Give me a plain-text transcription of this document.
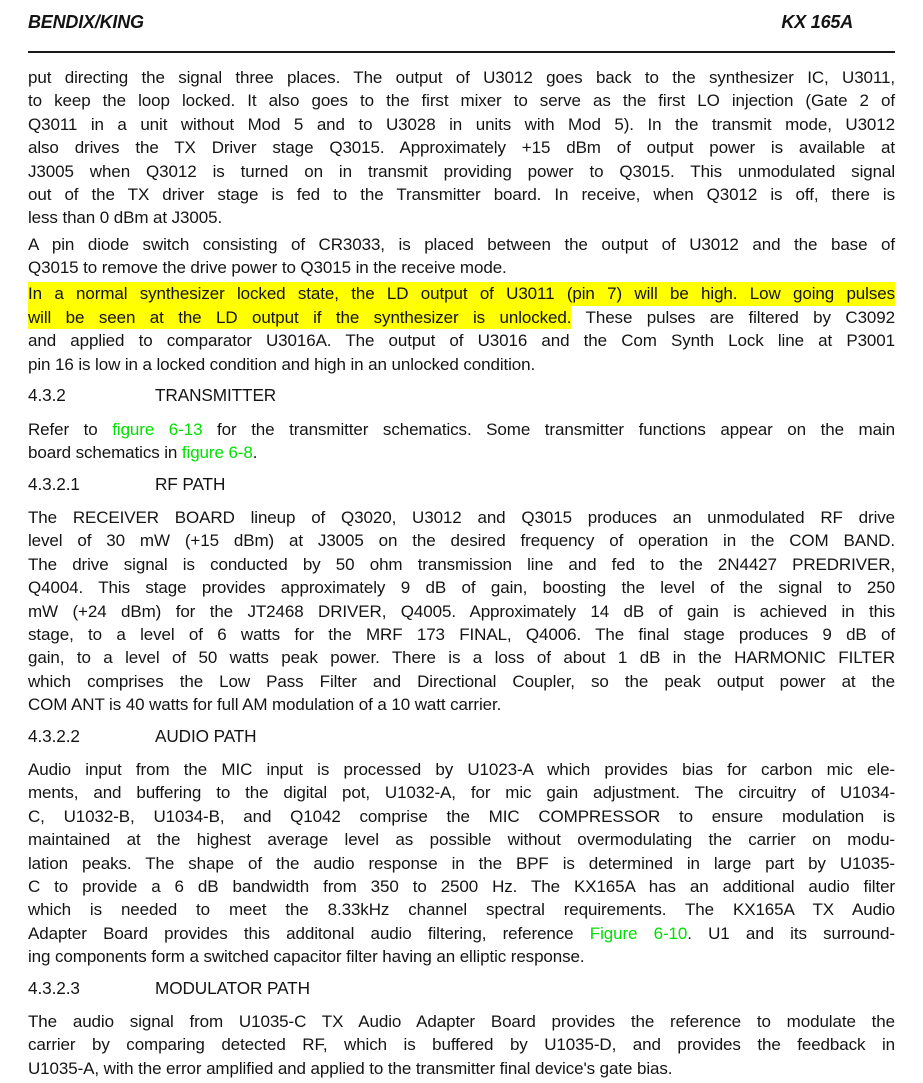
BENDIX/KING	KX 165A
put directing the signal three places. The output of U3012 goes back to the synthesizer IC, U3011,
to keep the loop locked. It also goes to the first mixer to serve as the first LO injection (Gate 2 of
Q3011 in a unit without Mod 5 and to U3028 in units with Mod 5). In the transmit mode, U3012
also drives the TX Driver stage Q3015. Approximately +15 dBm of output power is available at
J3005 when Q3012 is turned on in transmit providing power to Q3015. This unmodulated signal
out of the TX driver stage is fed to the Transmitter board. In receive, when Q3012 is off, there is
less than 0 dBm at J3005.
A pin diode switch consisting of CR3033, is placed between the output of U3012 and the base of
Q3015 to remove the drive power to Q3015 in the receive mode.
In a normal synthesizer locked state, the LD output of U3011 (pin 7) will be high. Low going pulses
will be seen at the LD output if the synthesizer is unlocked. These pulses are filtered by C3092
and applied to comparator U3016A. The output of U3016 and the Com Synth Lock line at P3001
pin 16 is low in a locked condition and high in an unlocked condition.
4.3.2	TRANSMITTER
Refer to figure 6-13 for the transmitter schematics. Some transmitter functions appear on the main
board schematics in figure 6-8.
4.3.2.1	RF PATH
The RECEIVER BOARD lineup of Q3020, U3012 and Q3015 produces an unmodulated RF drive
level of 30 mW (+15 dBm) at J3005 on the desired frequency of operation in the COM BAND.
The drive signal is conducted by 50 ohm transmission line and fed to the 2N4427 PREDRIVER,
Q4004. This stage provides approximately 9 dB of gain, boosting the level of the signal to 250
mW (+24 dBm) for the JT2468 DRIVER, Q4005. Approximately 14 dB of gain is achieved in this
stage, to a level of 6 watts for the MRF 173 FINAL, Q4006. The final stage produces 9 dB of
gain, to a level of 50 watts peak power. There is a loss of about 1 dB in the HARMONIC FILTER
which comprises the Low Pass Filter and Directional Coupler, so the peak output power at the
COM ANT is 40 watts for full AM modulation of a 10 watt carrier.
4.3.2.2	AUDIO PATH
Audio input from the MIC input is processed by U1023-A which provides bias for carbon mic ele-
ments, and buffering to the digital pot, U1032-A, for mic gain adjustment. The circuitry of U1034-
C, U1032-B, U1034-B, and Q1042 comprise the MIC COMPRESSOR to ensure modulation is
maintained at the highest average level as possible without overmodulating the carrier on modu-
lation peaks. The shape of the audio response in the BPF is determined in large part by U1035-
C to provide a 6 dB bandwidth from 350 to 2500 Hz. The KX165A has an additional audio filter
which is needed to meet the 8.33kHz channel spectral requirements. The KX165A TX Audio
Adapter Board provides this additonal audio filtering, reference Figure 6-10. U1 and its surround-
ing components form a switched capacitor filter having an elliptic response.
4.3.2.3	MODULATOR PATH
The audio signal from U1035-C TX Audio Adapter Board provides the reference to modulate the
carrier by comparing detected RF, which is buffered by U1035-D, and provides the feedback in
U1035-A, with the error amplified and applied to the transmitter final device's gate bias.
